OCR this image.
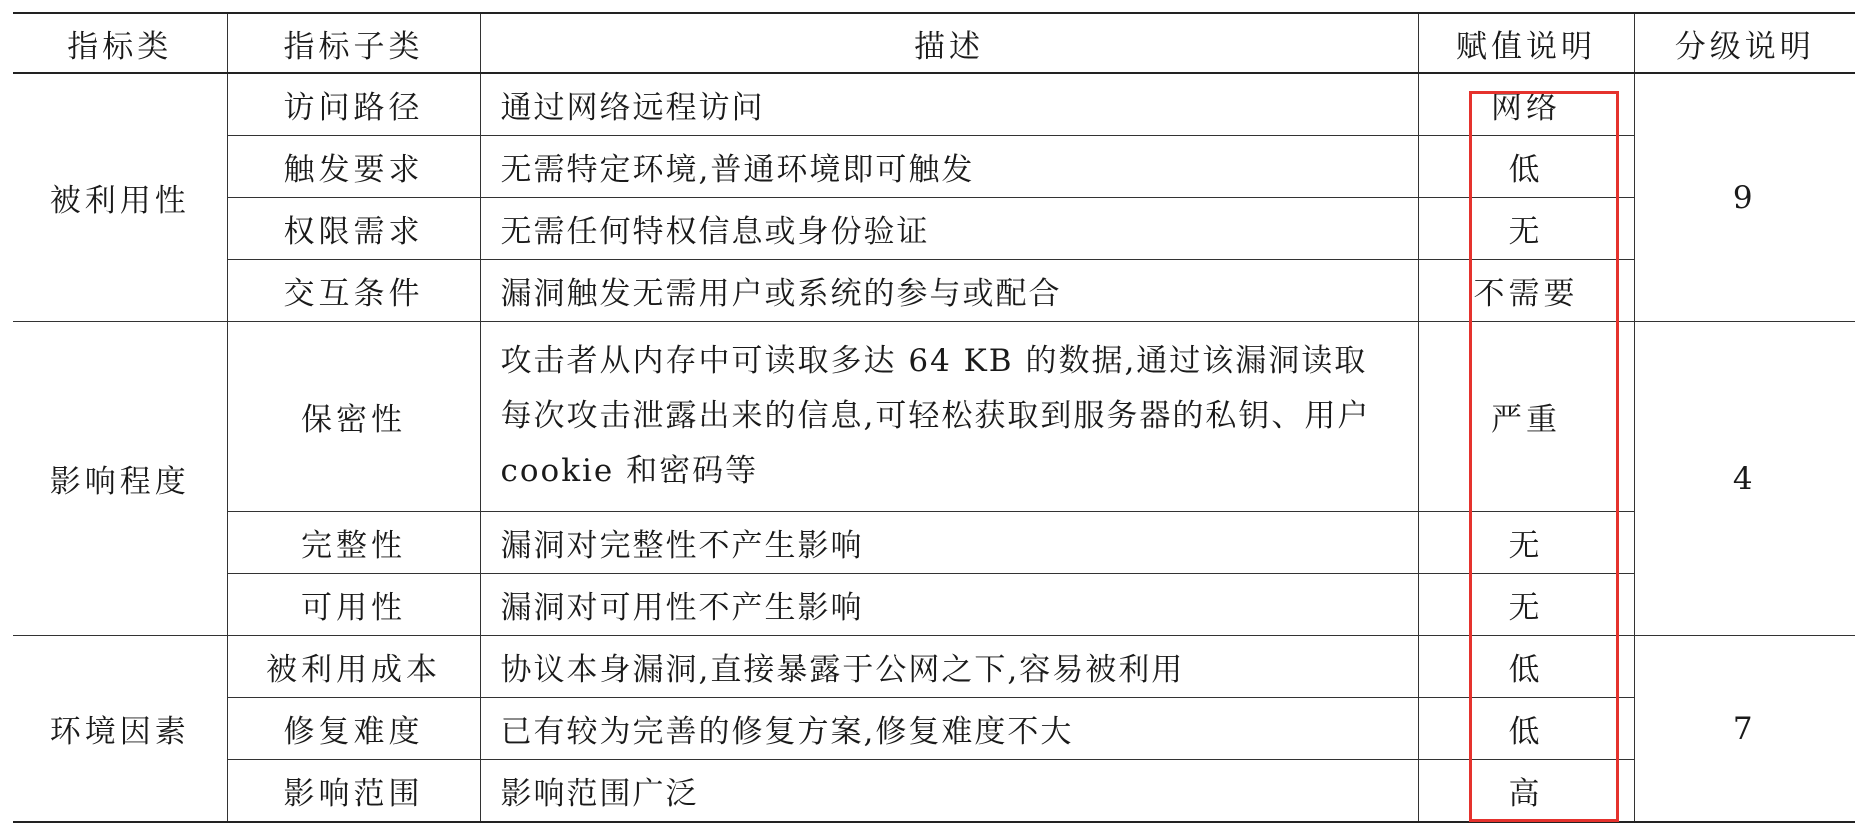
指标类	指标子类	描述	赋值说明	分级说明
被利用性	访问路径	通过网络远程访问	网络	9
	触发要求	无需特定环境,普通环境即可触发	低	
	权限需求	无需任何特权信息或身份验证	无	
	交互条件	漏洞触发无需用户或系统的参与或配合	不需要	
影响程度	保密性	攻击者从内存中可读取多达 64 KB 的数据,通过该漏洞读取每次攻击泄露出来的信息,可轻松获取到服务器的私钥、用户 cookie 和密码等	严重	4
	完整性	漏洞对完整性不产生影响	无	
	可用性	漏洞对可用性不产生影响	无	
环境因素	被利用成本	协议本身漏洞,直接暴露于公网之下,容易被利用	低	7
	修复难度	已有较为完善的修复方案,修复难度不大	低	
	影响范围	影响范围广泛	高	
